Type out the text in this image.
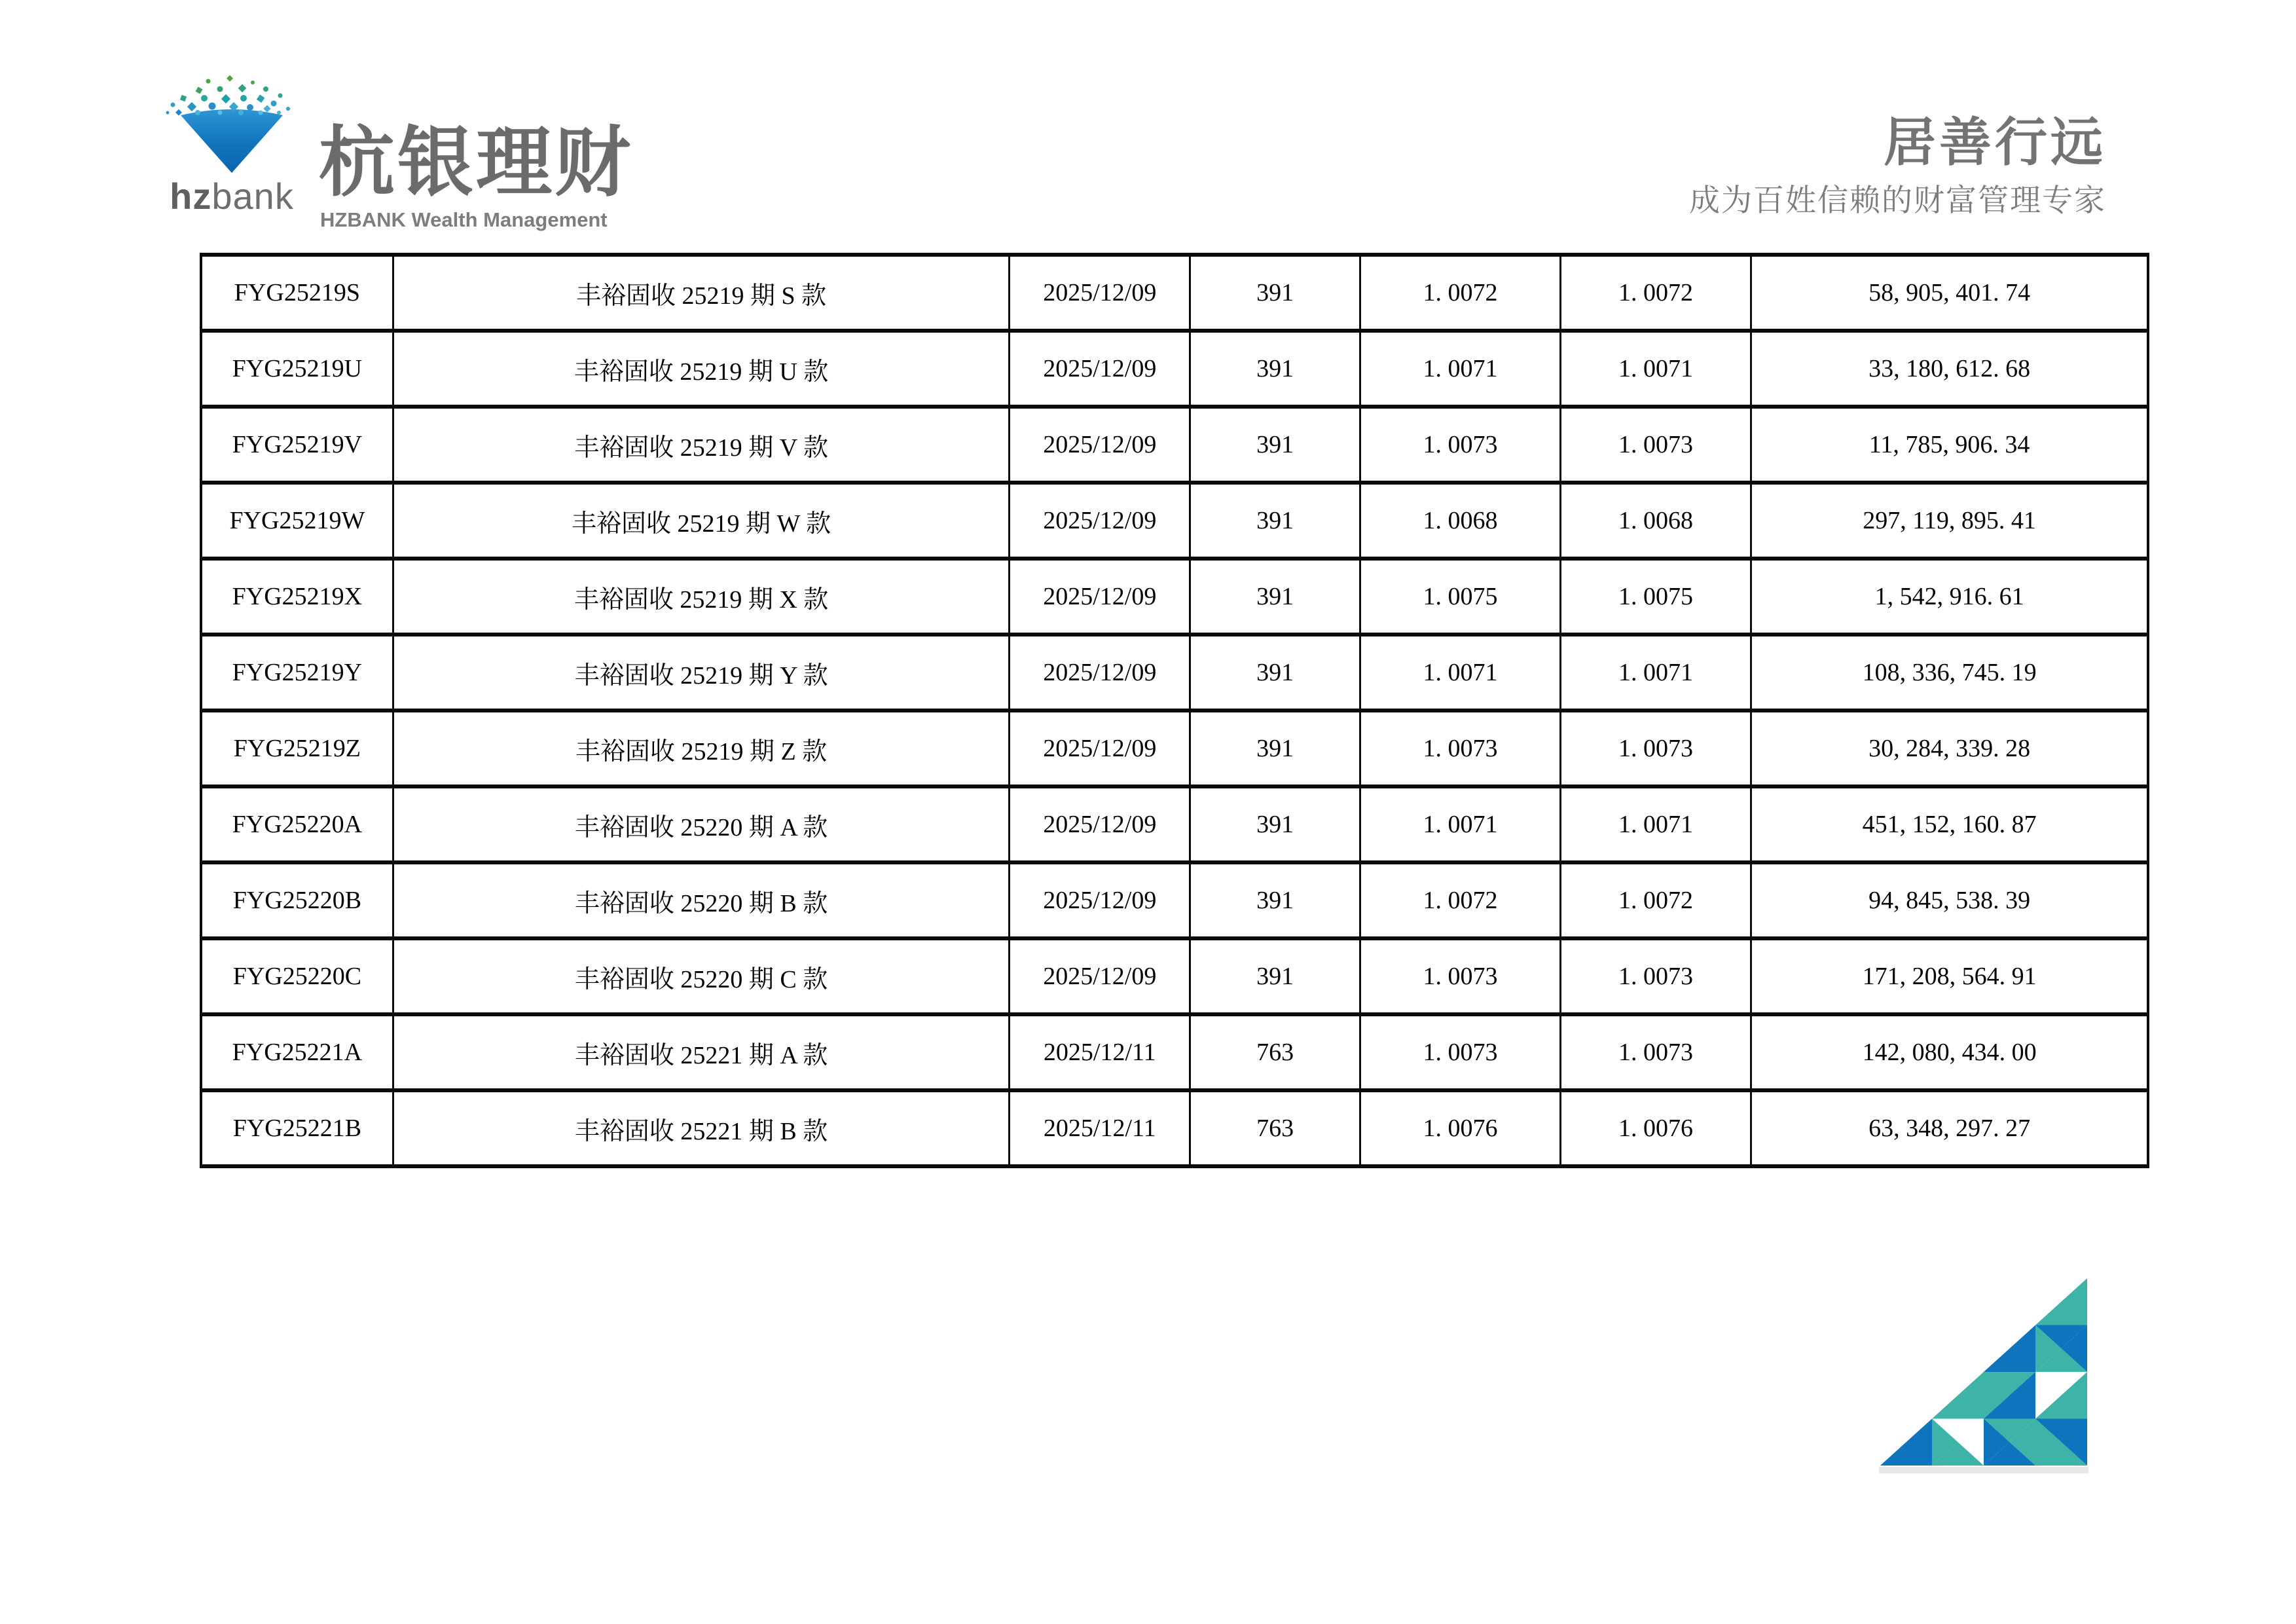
hzbank 杭银理财
HZBANK Wealth Management
居善行远
成为百姓信赖的财富管理专家
FYG25219S	丰裕固收 25219 期 S 款	2025/12/09	391	1. 0072	1. 0072	58, 905, 401. 74
FYG25219U	丰裕固收 25219 期 U 款	2025/12/09	391	1. 0071	1. 0071	33, 180, 612. 68
FYG25219V	丰裕固收 25219 期 V 款	2025/12/09	391	1. 0073	1. 0073	11, 785, 906. 34
FYG25219W	丰裕固收 25219 期 W 款	2025/12/09	391	1. 0068	1. 0068	297, 119, 895. 41
FYG25219X	丰裕固收 25219 期 X 款	2025/12/09	391	1. 0075	1. 0075	1, 542, 916. 61
FYG25219Y	丰裕固收 25219 期 Y 款	2025/12/09	391	1. 0071	1. 0071	108, 336, 745. 19
FYG25219Z	丰裕固收 25219 期 Z 款	2025/12/09	391	1. 0073	1. 0073	30, 284, 339. 28
FYG25220A	丰裕固收 25220 期 A 款	2025/12/09	391	1. 0071	1. 0071	451, 152, 160. 87
FYG25220B	丰裕固收 25220 期 B 款	2025/12/09	391	1. 0072	1. 0072	94, 845, 538. 39
FYG25220C	丰裕固收 25220 期 C 款	2025/12/09	391	1. 0073	1. 0073	171, 208, 564. 91
FYG25221A	丰裕固收 25221 期 A 款	2025/12/11	763	1. 0073	1. 0073	142, 080, 434. 00
FYG25221B	丰裕固收 25221 期 B 款	2025/12/11	763	1. 0076	1. 0076	63, 348, 297. 27
